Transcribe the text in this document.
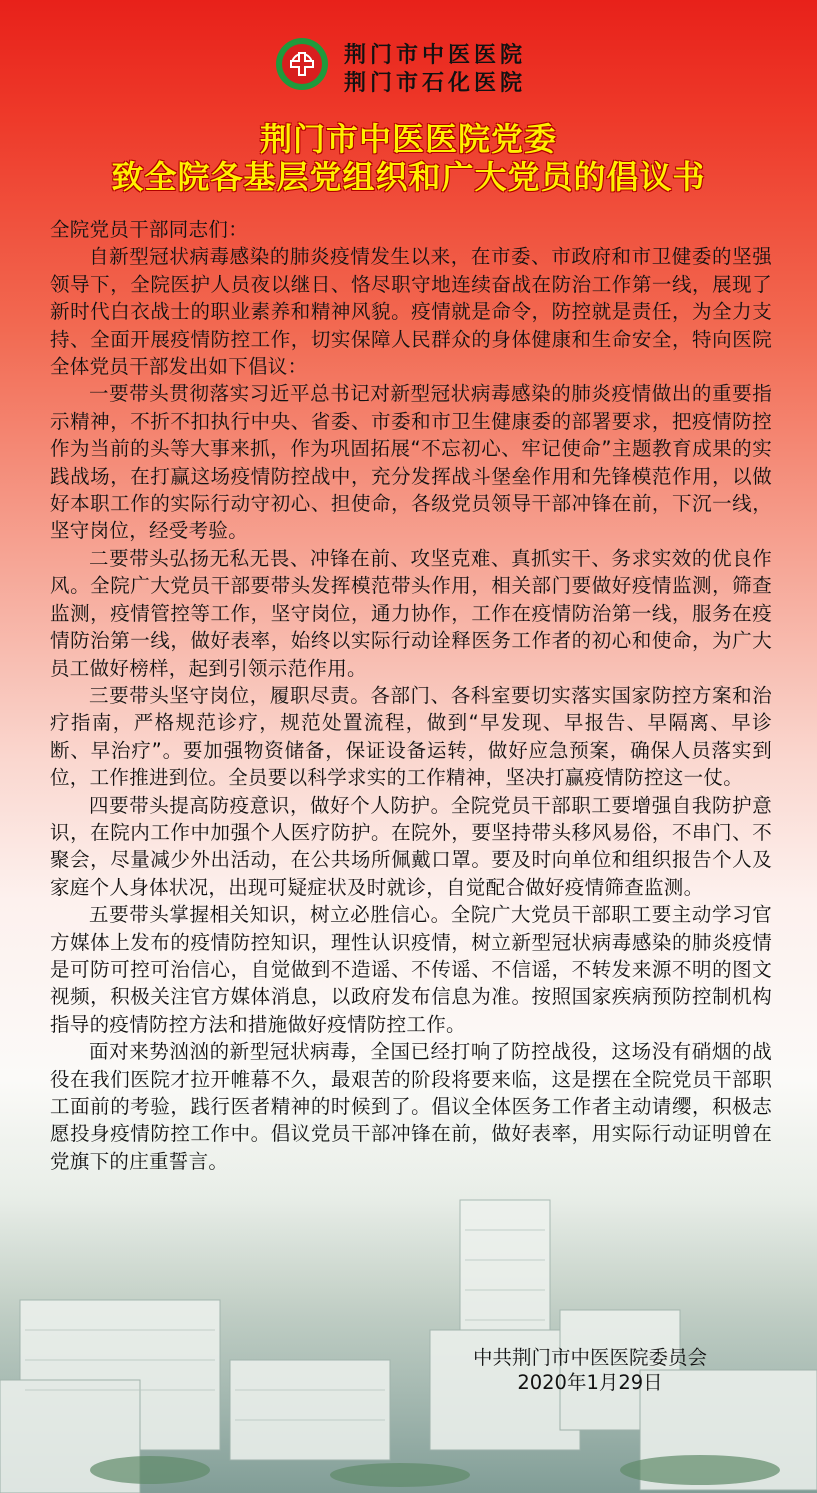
荆门市中医医院
荆门市石化医院
荆门市中医医院党委
致全院各基层党组织和广大党员的倡议书

全院党员干部同志们：

自新型冠状病毒感染的肺炎疫情发生以来，在市委、市政府和市卫健委的坚强领导下，全院医护人员夜以继日、恪尽职守地连续奋战在防治工作第一线，展现了新时代白衣战士的职业素养和精神风貌。疫情就是命令，防控就是责任，为全力支持、全面开展疫情防控工作，切实保障人民群众的身体健康和生命安全，特向医院全体党员干部发出如下倡议：

一要带头贯彻落实习近平总书记对新型冠状病毒感染的肺炎疫情做出的重要指示精神，不折不扣执行中央、省委、市委和市卫生健康委的部署要求，把疫情防控作为当前的头等大事来抓，作为巩固拓展“不忘初心、牢记使命”主题教育成果的实践战场，在打赢这场疫情防控战中，充分发挥战斗堡垒作用和先锋模范作用，以做好本职工作的实际行动守初心、担使命，各级党员领导干部冲锋在前，下沉一线，坚守岗位，经受考验。

二要带头弘扬无私无畏、冲锋在前、攻坚克难、真抓实干、务求实效的优良作风。全院广大党员干部要带头发挥模范带头作用，相关部门要做好疫情监测，筛查监测，疫情管控等工作，坚守岗位，通力协作，工作在疫情防治第一线，服务在疫情防治第一线，做好表率，始终以实际行动诠释医务工作者的初心和使命，为广大员工做好榜样，起到引领示范作用。

三要带头坚守岗位，履职尽责。各部门、各科室要切实落实国家防控方案和治疗指南，严格规范诊疗，规范处置流程，做到“早发现、早报告、早隔离、早诊断、早治疗”。要加强物资储备，保证设备运转，做好应急预案，确保人员落实到位，工作推进到位。全员要以科学求实的工作精神，坚决打赢疫情防控这一仗。

四要带头提高防疫意识，做好个人防护。全院党员干部职工要增强自我防护意识，在院内工作中加强个人医疗防护。在院外，要坚持带头移风易俗，不串门、不聚会，尽量减少外出活动，在公共场所佩戴口罩。要及时向单位和组织报告个人及家庭个人身体状况，出现可疑症状及时就诊，自觉配合做好疫情筛查监测。

五要带头掌握相关知识，树立必胜信心。全院广大党员干部职工要主动学习官方媒体上发布的疫情防控知识，理性认识疫情，树立新型冠状病毒感染的肺炎疫情是可防可控可治信心，自觉做到不造谣、不传谣、不信谣，不转发来源不明的图文视频，积极关注官方媒体消息，以政府发布信息为准。按照国家疾病预防控制机构指导的疫情防控方法和措施做好疫情防控工作。

面对来势汹汹的新型冠状病毒，全国已经打响了防控战役，这场没有硝烟的战役在我们医院才拉开帷幕不久，最艰苦的阶段将要来临，这是摆在全院党员干部职工面前的考验，践行医者精神的时候到了。倡议全体医务工作者主动请缨，积极志愿投身疫情防控工作中。倡议党员干部冲锋在前，做好表率，用实际行动证明曾在党旗下的庄重誓言。

中共荆门市中医医院委员会
2020年1月29日
